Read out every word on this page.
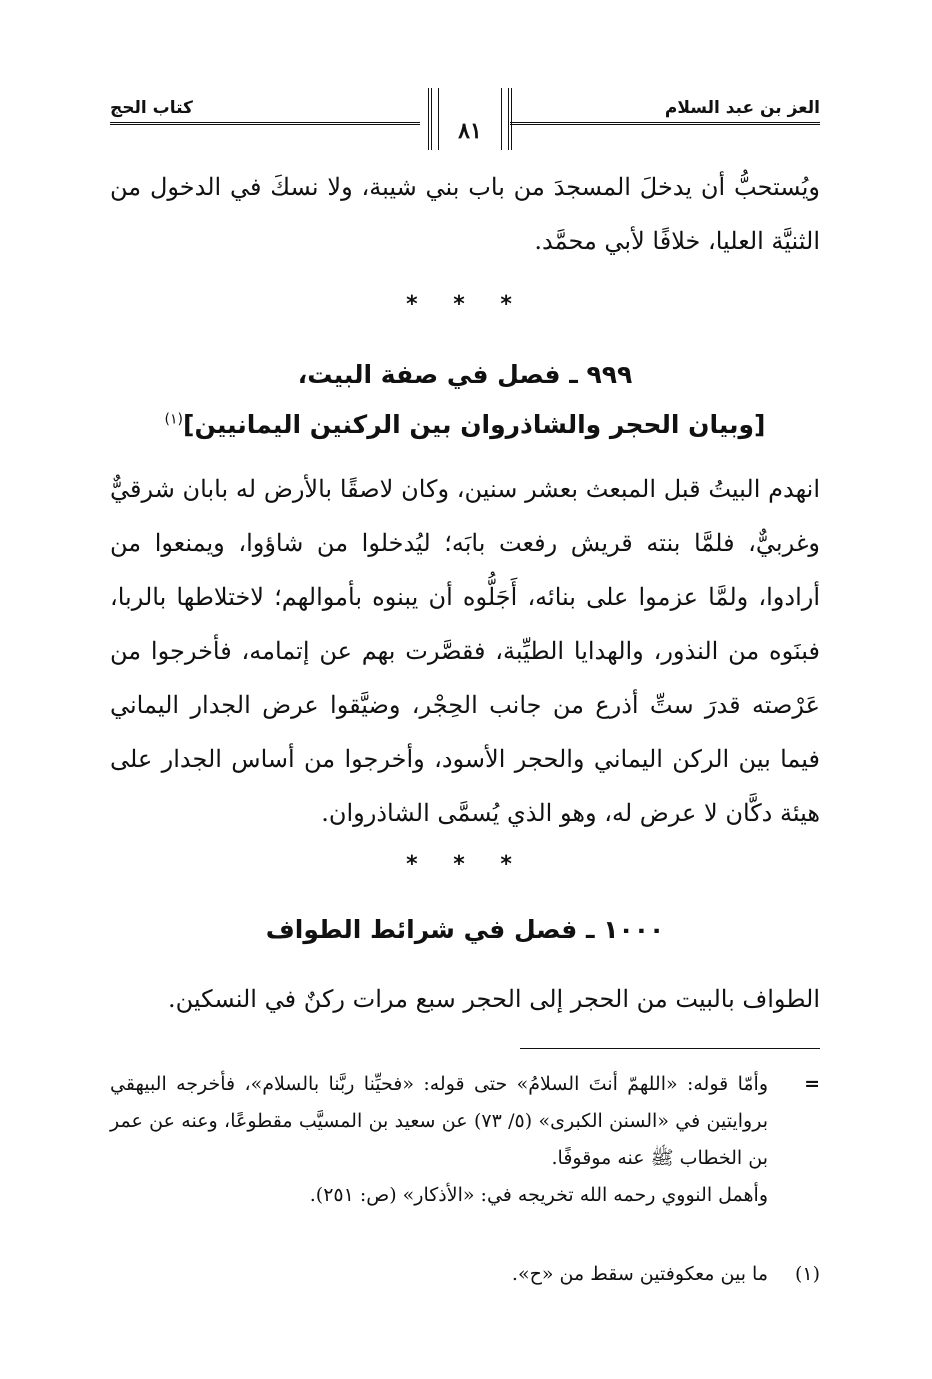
العز بن عبد السلام
كتاب الحج
٨١

ويُستحبُّ أن يدخلَ المسجدَ من باب بني شيبة، ولا نسكَ في الدخول من الثنيَّة العليا، خلافًا لأبي محمَّد.

* * *
٩٩٩ ـ فصل في صفة البيت،
[وبيان الحجر والشاذروان بين الركنين اليمانيين]$^{(١)}$

انهدم البيتُ قبل المبعث بعشر سنين، وكان لاصقًا بالأرض له بابان شرقيٌّ وغربيٌّ، فلمَّا بنته قريش رفعت بابَه؛ ليُدخلوا من شاؤوا، ويمنعوا من أرادوا، ولمَّا عزموا على بنائه، أَجَلُّوه أن يبنوه بأموالهم؛ لاختلاطها بالربا، فبنَوه من النذور، والهدايا الطيِّبة، فقصَّرت بهم عن إتمامه، فأخرجوا من عَرْصته قدرَ ستِّ أذرع من جانب الحِجْر، وضيَّقوا عرض الجدار اليماني فيما بين الركن اليماني والحجر الأسود، وأخرجوا من أساس الجدار على هيئة دكَّان لا عرض له، وهو الذي يُسمَّى الشاذروان.

* * *
١٠٠٠ ـ فصل في شرائط الطواف

الطواف بالبيت من الحجر إلى الحجر سبع مرات ركنٌ في النسكين.

=
وأمّا قوله: «اللهمّ أنتَ السلامُ» حتى قوله: «فحيِّنا ربَّنا بالسلام»، فأخرجه البيهقي بروايتين في «السنن الكبرى» (٥/ ٧٣) عن سعيد بن المسيَّب مقطوعًا، وعنه عن عمر بن الخطاب ﷺ عنه موقوفًا.
وأهمل النووي رحمه الله تخريجه في: «الأذكار» (ص: ٢٥١).
(١)
ما بين معكوفتين سقط من «ح».
